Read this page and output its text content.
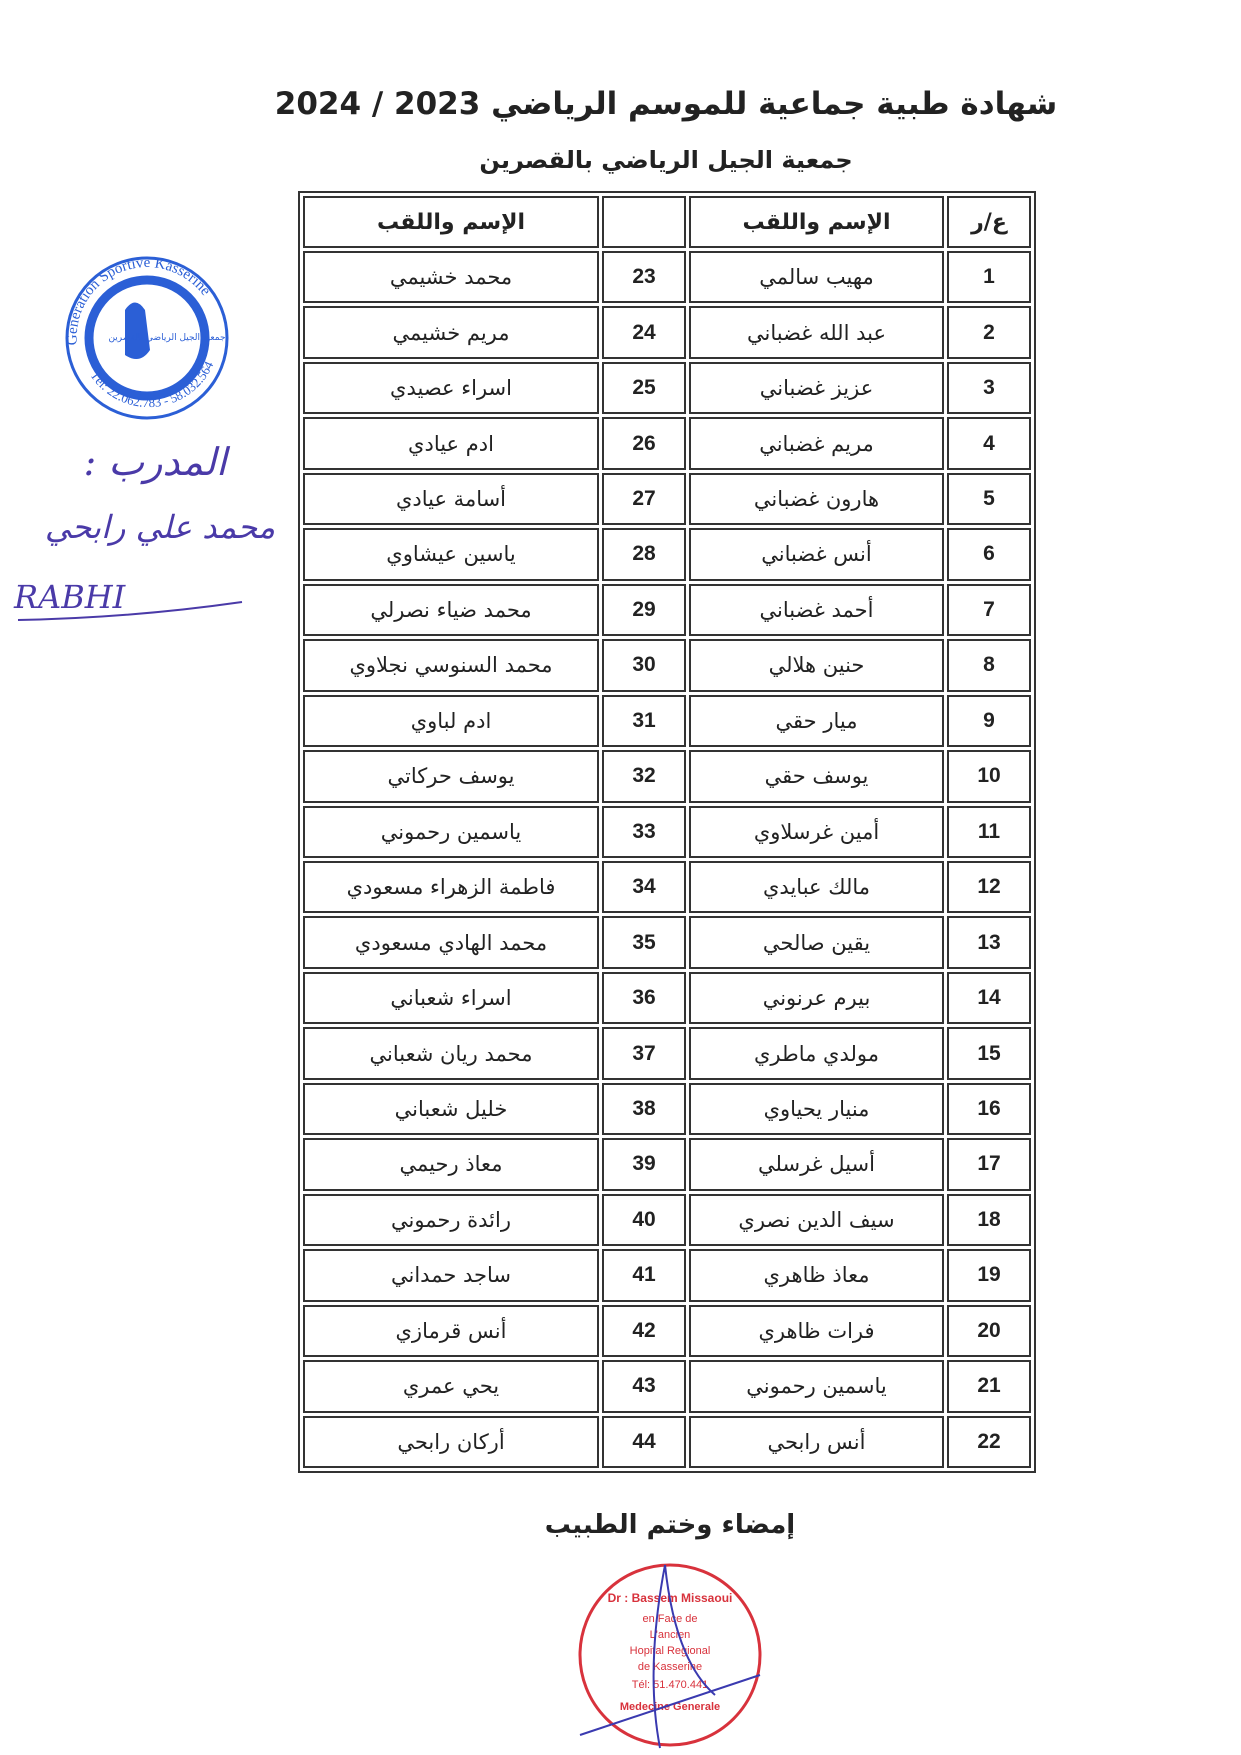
شهادة طبية جماعية للموسم الرياضي 2023 / 2024
جمعية الجيل الرياضي بالقصرين
ع/ر	الإسم واللقب		الإسم واللقب
1	مهيب سالمي	23	محمد خشيمي
2	عبد الله غضباني	24	مريم خشيمي
3	عزيز غضباني	25	اسراء عصيدي
4	مريم غضباني	26	ادم عيادي
5	هارون غضباني	27	أسامة عيادي
6	أنس غضباني	28	ياسين عيشاوي
7	أحمد غضباني	29	محمد ضياء نصرلي
8	حنين هلالي	30	محمد السنوسي نجلاوي
9	ميار حقي	31	ادم لباوي
10	يوسف حقي	32	يوسف حركاتي
11	أمين غرسلاوي	33	ياسمين رحموني
12	مالك عبايدي	34	فاطمة الزهراء مسعودي
13	يقين صالحي	35	محمد الهادي مسعودي
14	بيرم عرنوني	36	اسراء شعباني
15	مولدي ماطري	37	محمد ريان شعباني
16	منيار يحياوي	38	خليل شعباني
17	أسيل غرسلي	39	معاذ رحيمي
18	سيف الدين نصري	40	رائدة رحموني
19	معاذ ظاهري	41	ساجد حمداني
20	فرات ظاهري	42	أنس قرمازي
21	ياسمين رحموني	43	يحي عمري
22	أنس رابحي	44	أركان رابحي
Generation Sportive Kasserine
Tél: 22.062.783 - 58.032.564
جمعية الجيل الرياضي بالقصرين
المدرب :
محمد علي رابحي
RABHI
إمضاء وختم الطبيب
Dr : Bassem Missaoui
en Face de
L'ancien
Hopital Regional
de Kasserine
Tél: 51.470.441
Medecine Generale
